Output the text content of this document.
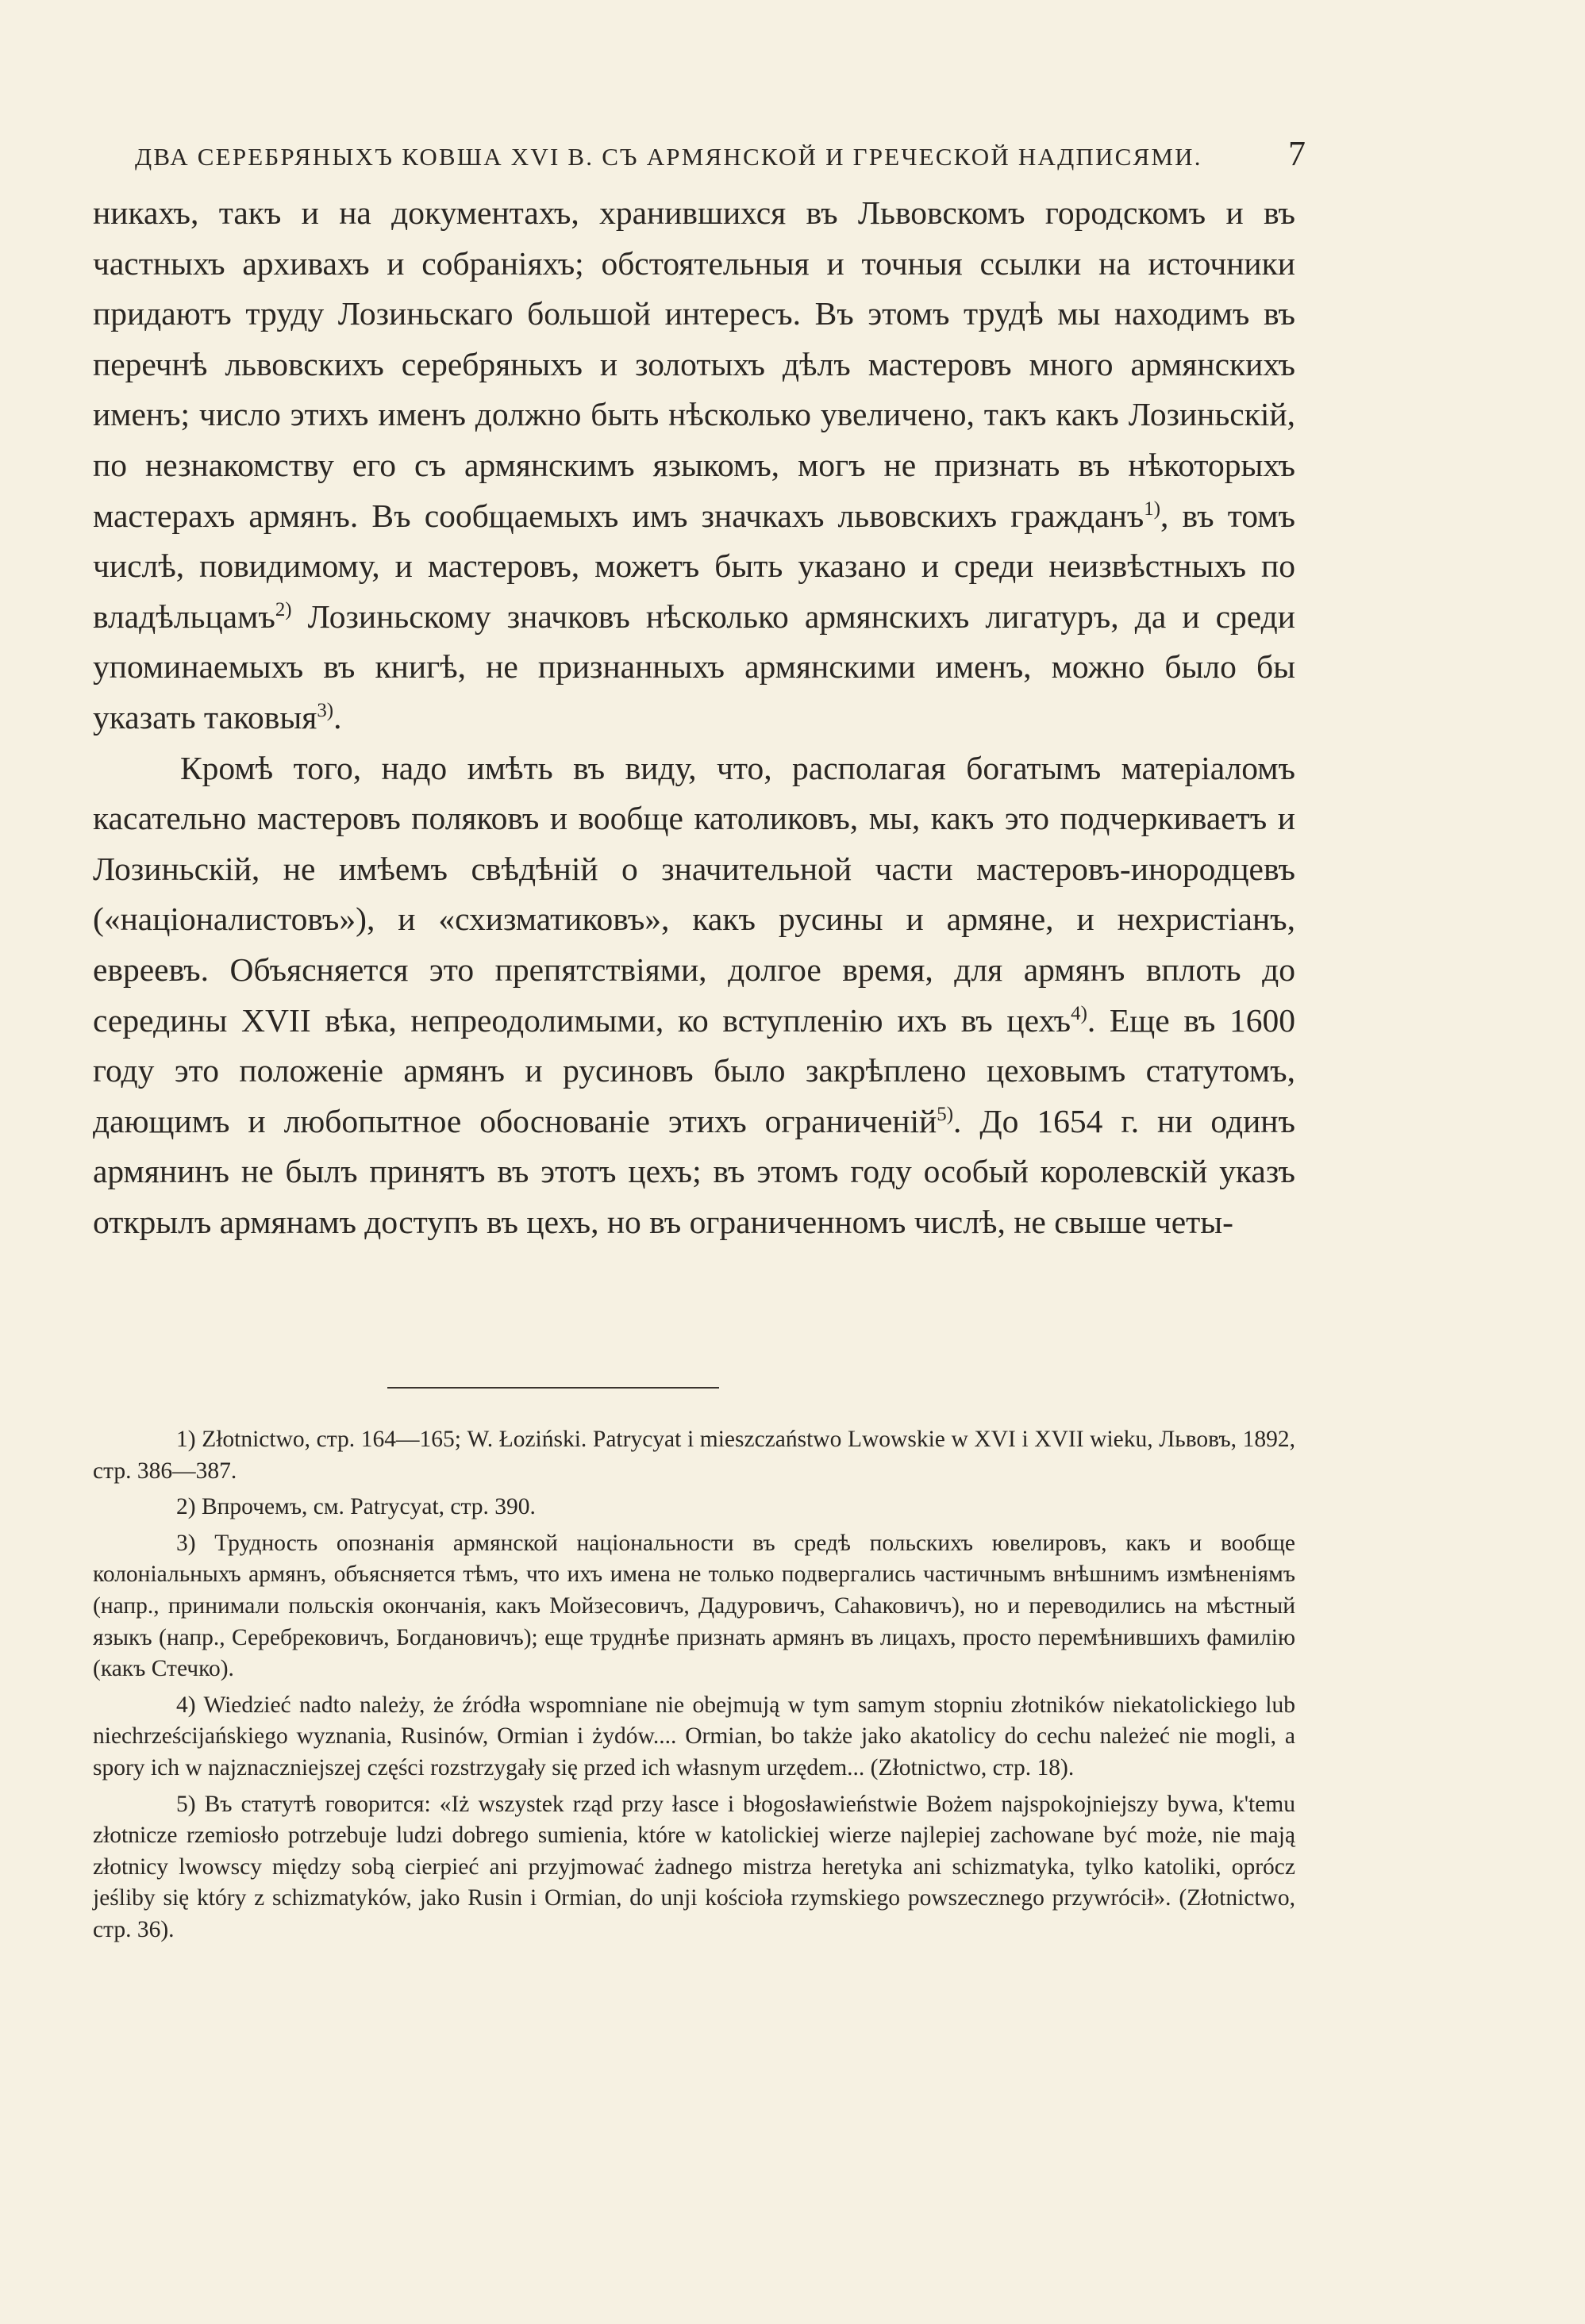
ДВА СЕРЕБРЯНЫХЪ КОВША XVI В. СЪ АРМЯНСКОЙ И ГРЕЧЕСКОЙ НАДПИСЯМИ. 7

никахъ, такъ и на документахъ, хранившихся въ Львовскомъ городскомъ и въ частныхъ архивахъ и собраніяхъ; обстоятельныя и точныя ссылки на источники придаютъ труду Лозиньскаго большой интересъ. Въ этомъ трудѣ мы находимъ въ перечнѣ львовскихъ серебряныхъ и золотыхъ дѣлъ мастеровъ много армянскихъ именъ; число этихъ именъ должно быть нѣсколько увеличено, такъ какъ Лозиньскій, по незнакомству его съ армянскимъ языкомъ, могъ не признать въ нѣкоторыхъ мастерахъ армянъ. Въ сообщаемыхъ имъ значкахъ львовскихъ гражданъ$^{1)}$, въ томъ числѣ, повидимому, и мастеровъ, можетъ быть указано и среди неизвѣстныхъ по владѣльцамъ$^{2)}$ Лозиньскому значковъ нѣсколько армянскихъ лигатуръ, да и среди упоминаемыхъ въ книгѣ, не признанныхъ армянскими именъ, можно было бы указать таковыя$^{3)}$.

Кромѣ того, надо имѣть въ виду, что, располагая богатымъ матеріаломъ касательно мастеровъ поляковъ и вообще католиковъ, мы, какъ это подчеркиваетъ и Лозиньскій, не имѣемъ свѣдѣній о значительной части мастеровъ-инородцевъ («націоналистовъ»), и «схизматиковъ», какъ русины и армяне, и нехристіанъ, евреевъ. Объясняется это препятствіями, долгое время, для армянъ вплоть до середины XVII вѣка, непреодолимыми, ко вступленію ихъ въ цехъ$^{4)}$. Еще въ 1600 году это положеніе армянъ и русиновъ было закрѣплено цеховымъ статутомъ, дающимъ и любопытное обоснованіе этихъ ограниченій$^{5)}$. До 1654 г. ни одинъ армянинъ не былъ принятъ въ этотъ цехъ; въ этомъ году особый королевскій указъ открылъ армянамъ доступъ въ цехъ, но въ ограниченномъ числѣ, не свыше четы-

1) Złotnictwo, стр. 164—165; W. Łoziński. Patrycyat i mieszczaństwo Lwowskie w XVI i XVII wieku, Львовъ, 1892, стр. 386—387.

2) Впрочемъ, см. Patrycyat, стр. 390.

3) Трудность опознанія армянской національности въ средѣ польскихъ ювелировъ, какъ и вообще колоніальныхъ армянъ, объясняется тѣмъ, что ихъ имена не только подвергались частичнымъ внѣшнимъ измѣненіямъ (напр., принимали польскія окончанія, какъ Мойзесовичъ, Дадуровичъ, Саhаковичъ), но и переводились на мѣстный языкъ (напр., Серебрековичъ, Богдановичъ); еще труднѣе признать армянъ въ лицахъ, просто перемѣнившихъ фамилію (какъ Стечко).

4) Wiedzieć nadto należy, że źródła wspomniane nie obejmują w tym samym stopniu złotników niekatolickiego lub niechrześcijańskiego wyznania, Rusinów, Ormian i żydów.... Ormian, bo także jako akatolicy do cechu należeć nie mogli, a spory ich w najznaczniejszej części rozstrzygały się przed ich własnym urzędem... (Złotnictwo, стр. 18).

5) Въ статутѣ говорится: «Iż wszystek rząd przy łasce i błogosławieństwie Bożem najspokojniejszy bywa, k'temu złotnicze rzemiosło potrzebuje ludzi dobrego sumienia, które w katolickiej wierze najlepiej zachowane być może, nie mają złotnicy lwowscy między sobą cierpieć ani przyjmować żadnego mistrza heretyka ani schizmatyka, tylko katoliki, oprócz jeśliby się który z schizmatyków, jako Rusin i Ormian, do unji kościoła rzymskiego powszecznego przywrócił». (Złotnictwo, стр. 36).
